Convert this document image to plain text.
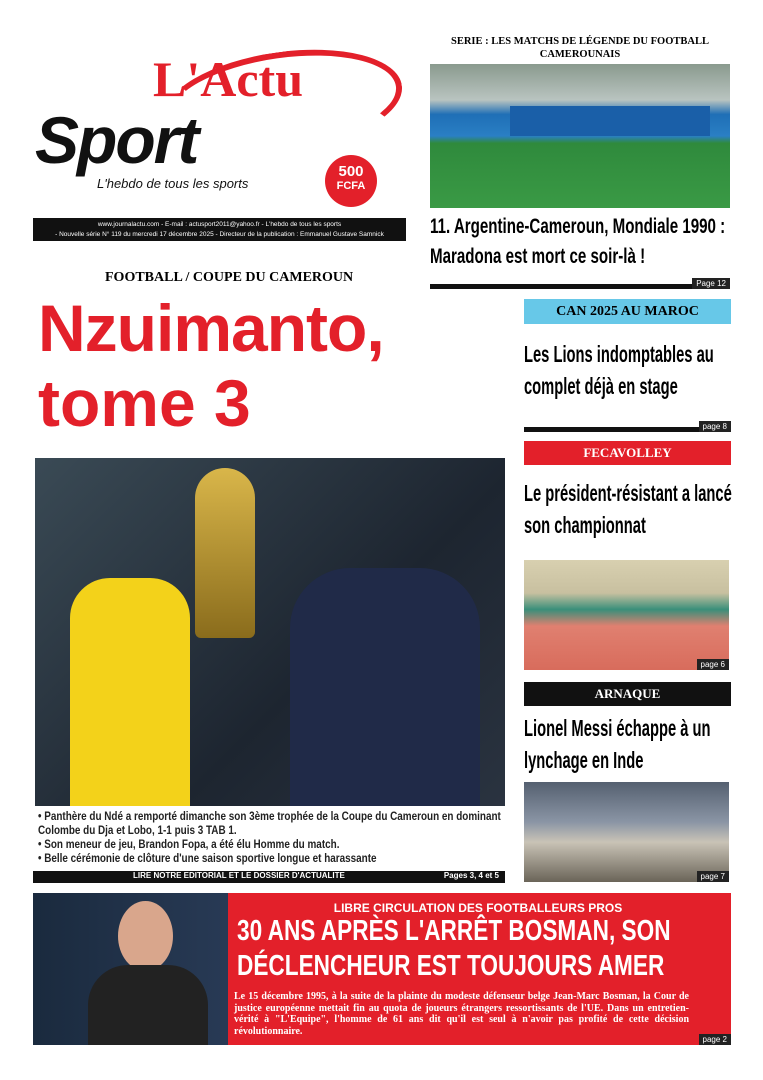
L'Actu
Sport
L'hebdo de tous les sports
500
FCFA
www.journalactu.com - E-mail : actusport2011@yahoo.fr - L'hebdo de tous les sports
- Nouvelle série N° 119 du mercredi 17 décembre 2025 - Directeur de la publication : Emmanuel Gustave Samnick
SERIE : LES MATCHS DE LÉGENDE DU FOOTBALL CAMEROUNAIS
11. Argentine-Cameroun, Mondiale 1990 : Maradona est mort ce soir-là !
Page 12
FOOTBALL / COUPE DU CAMEROUN
Nzuimanto,
tome 3
• Panthère du Ndé a remporté dimanche son 3ème trophée de la Coupe du Cameroun en dominant Colombe du Dja et Lobo, 1-1 puis 3 TAB 1.
• Son meneur de jeu, Brandon Fopa, a été élu Homme du match.
• Belle cérémonie de clôture d'une saison sportive longue et harassante
LIRE NOTRE EDITORIAL ET LE DOSSIER D'ACTUALITE	Pages 3, 4 et 5
CAN 2025 AU MAROC
Les Lions indomptables au complet déjà en stage
page 8
FECAVOLLEY
Le président-résistant a lancé son championnat
page 6
ARNAQUE
Lionel Messi échappe à un lynchage en Inde
page 7
LIBRE CIRCULATION DES FOOTBALLEURS PROS
30 ANS APRÈS L'ARRÊT BOSMAN, SON
DÉCLENCHEUR EST TOUJOURS AMER
Le 15 décembre 1995, à la suite de la plainte du modeste défenseur belge Jean-Marc Bosman, la Cour de justice européenne mettait fin au quota de joueurs étrangers ressortissants de l'UE. Dans un entretien-vérité à "L'Equipe", l'homme de 61 ans dit qu'il est seul à n'avoir pas profité de cette décision révolutionnaire.
page 2
